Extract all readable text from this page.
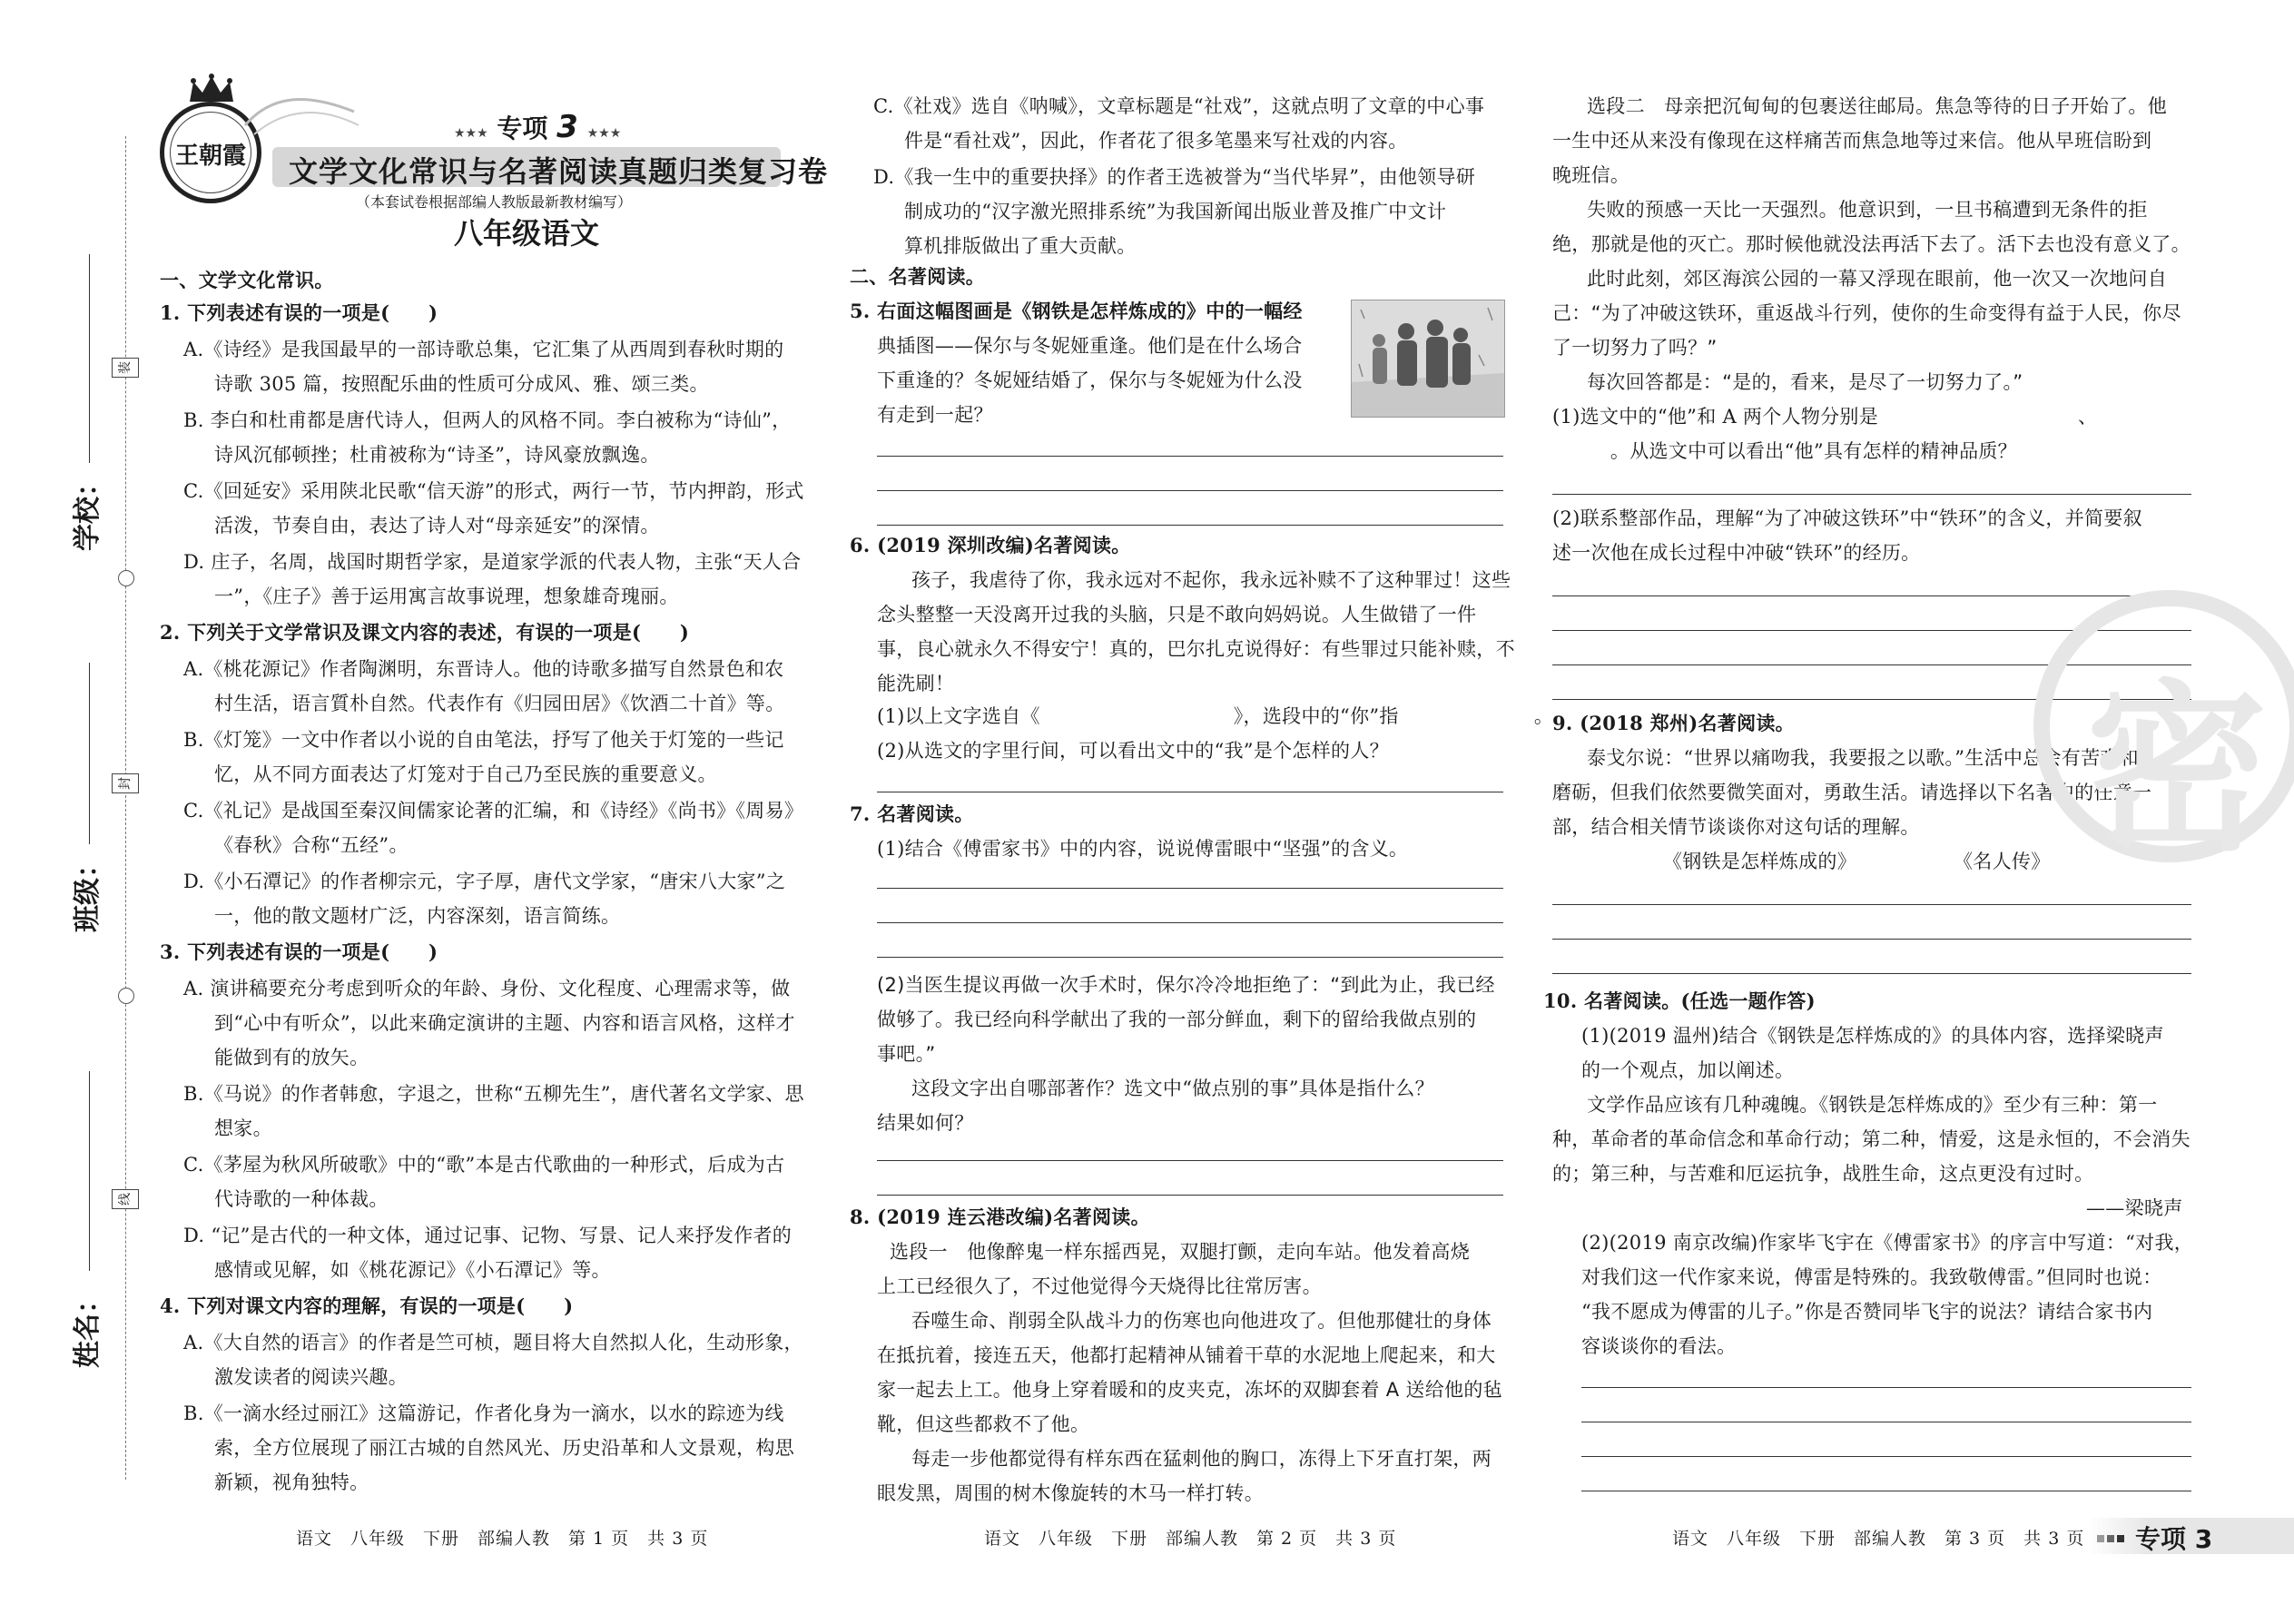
学校：
班级：
姓名：
装
封
线
王朝霞
★★★ 专项 3 ★★★
文学文化常识与名著阅读真题归类复习卷
（本套试卷根据部编人教版最新教材编写）
八年级语文
一、文学文化常识。
1. 下列表述有误的一项是(　　)
A.《诗经》是我国最早的一部诗歌总集，它汇集了从西周到春秋时期的
诗歌 305 篇，按照配乐曲的性质可分成风、雅、颂三类。
B. 李白和杜甫都是唐代诗人，但两人的风格不同。李白被称为“诗仙”，
诗风沉郁顿挫；杜甫被称为“诗圣”，诗风豪放飘逸。
C.《回延安》采用陕北民歌“信天游”的形式，两行一节，节内押韵，形式
活泼，节奏自由，表达了诗人对“母亲延安”的深情。
D. 庄子，名周，战国时期哲学家，是道家学派的代表人物，主张“天人合
一”，《庄子》善于运用寓言故事说理，想象雄奇瑰丽。
2. 下列关于文学常识及课文内容的表述，有误的一项是(　　)
A.《桃花源记》作者陶渊明，东晋诗人。他的诗歌多描写自然景色和农
村生活，语言質朴自然。代表作有《归园田居》《饮酒二十首》等。
B.《灯笼》一文中作者以小说的自由笔法，抒写了他关于灯笼的一些记
忆，从不同方面表达了灯笼对于自己乃至民族的重要意义。
C.《礼记》是战国至秦汉间儒家论著的汇编，和《诗经》《尚书》《周易》
《春秋》合称“五经”。
D.《小石潭记》的作者柳宗元，字子厚，唐代文学家，“唐宋八大家”之
一，他的散文题材广泛，内容深刻，语言简练。
3. 下列表述有误的一项是(　　)
A. 演讲稿要充分考虑到听众的年龄、身份、文化程度、心理需求等，做
到“心中有听众”，以此来确定演讲的主题、内容和语言风格，这样才
能做到有的放矢。
B.《马说》的作者韩愈，字退之，世称“五柳先生”，唐代著名文学家、思
想家。
C.《茅屋为秋风所破歌》中的“歌”本是古代歌曲的一种形式，后成为古
代诗歌的一种体裁。
D. “记”是古代的一种文体，通过记事、记物、写景、记人来抒发作者的
感情或见解，如《桃花源记》《小石潭记》等。
4. 下列对课文内容的理解，有误的一项是(　　)
A.《大自然的语言》的作者是竺可桢，题目将大自然拟人化，生动形象，
激发读者的阅读兴趣。
B.《一滴水经过丽江》这篇游记，作者化身为一滴水，以水的踪迹为线
索，全方位展现了丽江古城的自然风光、历史沿革和人文景观，构思
新颖，视角独特。
C.《社戏》选自《呐喊》，文章标题是“社戏”，这就点明了文章的中心事
件是“看社戏”，因此，作者花了很多笔墨来写社戏的内容。
D.《我一生中的重要抉择》的作者王选被誉为“当代毕昇”，由他领导研
制成功的“汉字激光照排系统”为我国新闻出版业普及推广中文计
算机排版做出了重大贡献。
二、名著阅读。
5. 右面这幅图画是《钢铁是怎样炼成的》中的一幅经
典插图——保尔与冬妮娅重逢。他们是在什么场合
下重逢的？冬妮娅结婚了，保尔与冬妮娅为什么没
有走到一起？
6. (2019 深圳改编)名著阅读。
孩子，我虐待了你，我永远对不起你，我永远补赎不了这种罪过！这些
念头整整一天没离开过我的头脑，只是不敢向妈妈说。人生做错了一件
事，良心就永久不得安宁！真的，巴尔扎克说得好：有些罪过只能补赎，不
能洗刷！
(1)以上文字选自《　　　　　　　　　　》，选段中的“你”指　　　　　　　。
(2)从选文的字里行间，可以看出文中的“我”是个怎样的人？
7. 名著阅读。
(1)结合《傅雷家书》中的内容，说说傅雷眼中“坚强”的含义。
(2)当医生提议再做一次手术时，保尔冷冷地拒绝了：“到此为止，我已经
做够了。我已经向科学献出了我的一部分鲜血，剩下的留给我做点别的
事吧。”
这段文字出自哪部著作？选文中“做点别的事”具体是指什么？
结果如何？
8. (2019 连云港改编)名著阅读。
选段一　他像醉鬼一样东摇西晃，双腿打颤，走向车站。他发着高烧
上工已经很久了，不过他觉得今天烧得比往常厉害。
吞噬生命、削弱全队战斗力的伤寒也向他进攻了。但他那健壮的身体
在抵抗着，接连五天，他都打起精神从铺着干草的水泥地上爬起来，和大
家一起去上工。他身上穿着暖和的皮夹克，冻坏的双脚套着 A 送给他的毡
靴，但这些都救不了他。
每走一步他都觉得有样东西在猛刺他的胸口，冻得上下牙直打架，两
眼发黑，周围的树木像旋转的木马一样打转。
选段二　母亲把沉甸甸的包裹送往邮局。焦急等待的日子开始了。他
一生中还从来没有像现在这样痛苦而焦急地等过来信。他从早班信盼到
晚班信。
失败的预感一天比一天强烈。他意识到，一旦书稿遭到无条件的拒
绝，那就是他的灭亡。那时候他就没法再活下去了。活下去也没有意义了。
此时此刻，郊区海滨公园的一幕又浮现在眼前，他一次又一次地问自
己：“为了冲破这铁环，重返战斗行列，使你的生命变得有益于人民，你尽
了一切努力了吗？”
每次回答都是：“是的，看来，是尽了一切努力了。”
(1)选文中的“他”和 A 两个人物分别是 　　　　　　　　　　、　　　　　　
　　　。从选文中可以看出“他”具有怎样的精神品质？
(2)联系整部作品，理解“为了冲破这铁环”中“铁环”的含义，并简要叙
述一次他在成长过程中冲破“铁环”的经历。
9. (2018 郑州)名著阅读。
泰戈尔说：“世界以痛吻我，我要报之以歌。”生活中总会有苦难和
磨砺，但我们依然要微笑面对，勇敢生活。请选择以下名著中的任意一
部，结合相关情节谈谈你对这句话的理解。
《钢铁是怎样炼成的》	《名人传》
10. 名著阅读。(任选一题作答)
(1)(2019 温州)结合《钢铁是怎样炼成的》的具体内容，选择梁晓声
的一个观点，加以阐述。
文学作品应该有几种魂魄。《钢铁是怎样炼成的》至少有三种：第一
种，革命者的革命信念和革命行动；第二种，情爱，这是永恒的，不会消失
的；第三种，与苦难和厄运抗争，战胜生命，这点更没有过时。
——梁晓声
(2)(2019 南京改编)作家毕飞宇在《傅雷家书》的序言中写道：“对我，
对我们这一代作家来说，傅雷是特殊的。我致敬傅雷。”但同时也说：
“我不愿成为傅雷的儿子。”你是否赞同毕飞宇的说法？请结合家书内
容谈谈你的看法。
密
语文　八年级　下册　部编人教　第 1 页　共 3 页	语文　八年级　下册　部编人教　第 2 页　共 3 页	语文　八年级　下册　部编人教　第 3 页　共 3 页 专项 3
